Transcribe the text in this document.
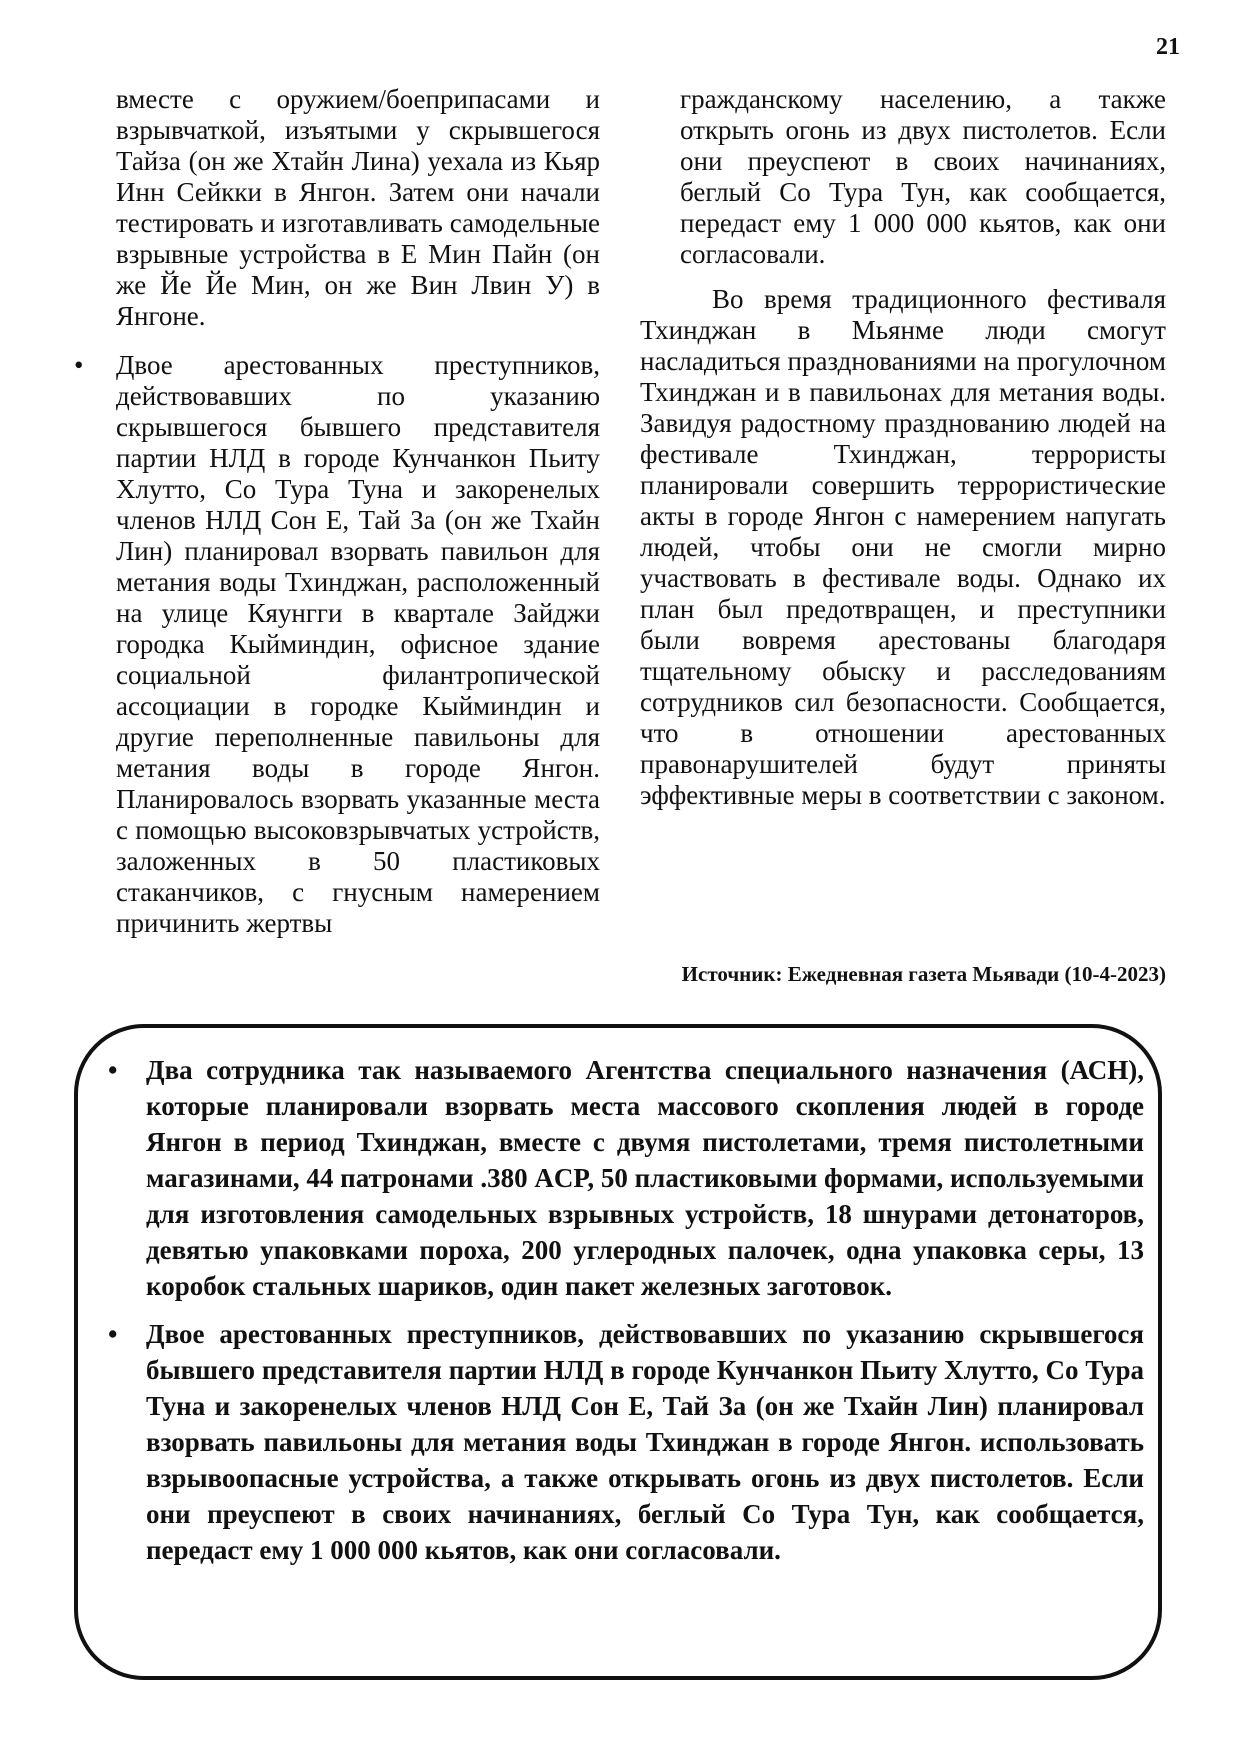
21

вместе с оружием/боеприпасами и взрывчаткой, изъятыми у скрывшегося Тайза (он же Хтайн Лина) уехала из Кьяр Инн Сейкки в Янгон. Затем они начали тестировать и изготавливать самодельные взрывные устройства в Е Мин Пайн (он же Йе Йе Мин, он же Вин Лвин У) в Янгоне.

• Двое арестованных преступников, действовавших по указанию скрывшегося бывшего представителя партии НЛД в городе Кунчанкон Пьиту Хлутто, Со Тура Туна и закоренелых членов НЛД Сон Е, Тай За (он же Тхайн Лин) планировал взорвать павильон для метания воды Тхинджан, расположенный на улице Кяунгги в квартале Зайджи городка Кыйминдин, офисное здание социальной филантропической ассоциации в городке Кыйминдин и другие переполненные павильоны для метания воды в городе Янгон. Планировалось взорвать указанные места с помощью высоковзрывчатых устройств, заложенных в 50 пластиковых стаканчиков, с гнусным намерением причинить жертвы

гражданскому населению, а также открыть огонь из двух пистолетов. Если они преуспеют в своих начинаниях, беглый Со Тура Тун, как сообщается, передаст ему 1 000 000 кьятов, как они согласовали.

Во время традиционного фестиваля Тхинджан в Мьянме люди смогут насладиться празднованиями на прогулочном Тхинджан и в павильонах для метания воды. Завидуя радостному празднованию людей на фестивале Тхинджан, террористы планировали совершить террористические акты в городе Янгон с намерением напугать людей, чтобы они не смогли мирно участвовать в фестивале воды. Однако их план был предотвращен, и преступники были вовремя арестованы благодаря тщательному обыску и расследованиям сотрудников сил безопасности. Сообщается, что в отношении арестованных правонарушителей будут приняты эффективные меры в соответствии с законом.

Источник: Ежедневная газета Мьявади (10-4-2023)
• Два сотрудника так называемого Агентства специального назначения (АСН), которые планировали взорвать места массового скопления людей в городе Янгон в период Тхинджан, вместе с двумя пистолетами, тремя пистолетными магазинами, 44 патронами .380 ACP, 50 пластиковыми формами, используемыми для изготовления самодельных взрывных устройств, 18 шнурами детонаторов, девятью упаковками пороха, 200 углеродных палочек, одна упаковка серы, 13 коробок стальных шариков, один пакет железных заготовок.

• Двое арестованных преступников, действовавших по указанию скрывшегося бывшего представителя партии НЛД в городе Кунчанкон Пьиту Хлутто, Со Тура Туна и закоренелых членов НЛД Сон Е, Тай За (он же Тхайн Лин) планировал взорвать павильоны для метания воды Тхинджан в городе Янгон. использовать взрывоопасные устройства, а также открывать огонь из двух пистолетов. Если они преуспеют в своих начинаниях, беглый Со Тура Тун, как сообщается, передаст ему 1 000 000 кьятов, как они согласовали.
